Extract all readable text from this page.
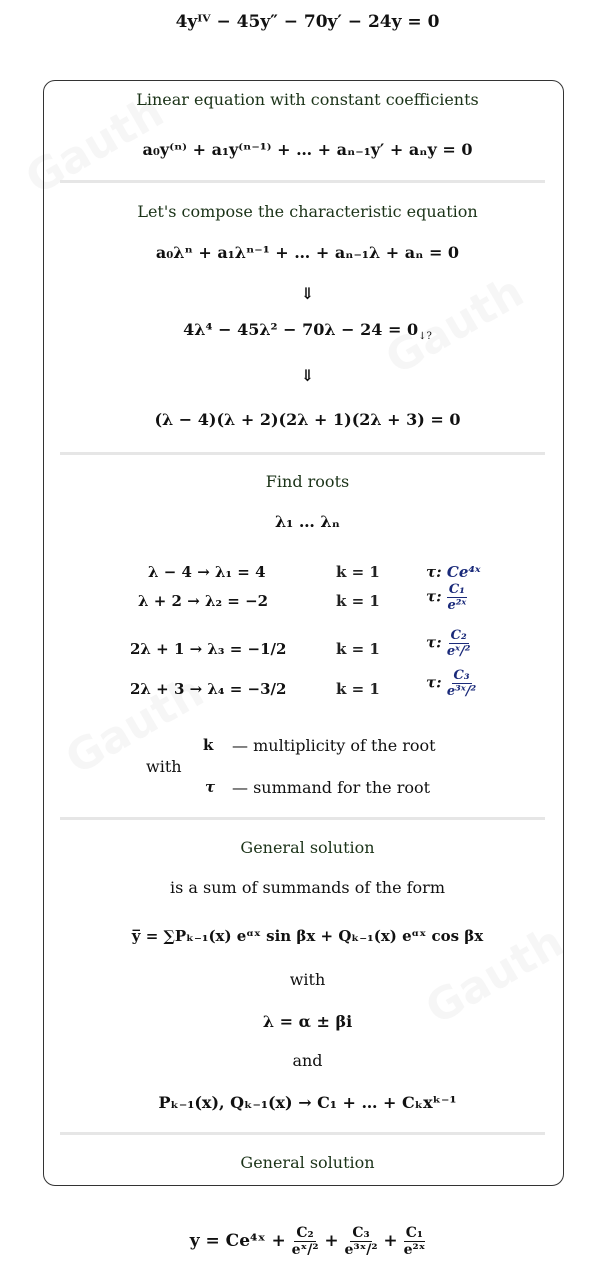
4yᴵⱽ − 45y″ − 70y′ − 24y = 0
Linear equation with constant coefficients
a₀y⁽ⁿ⁾ + a₁y⁽ⁿ⁻¹⁾ + … + aₙ₋₁y′ + aₙy = 0
Let's compose the characteristic equation
a₀λⁿ + a₁λⁿ⁻¹ + … + aₙ₋₁λ + aₙ = 0
⇓
$4\lambda^4 - 45\lambda^2 - 70\lambda - 24 = 0_{↓?}$
⇓
(λ − 4)(λ + 2)(2λ + 1)(2λ + 3) = 0
Find roots
λ₁ … λₙ
λ − 4 → λ₁ = 4	k = 1	τ: Ce⁴ˣ
λ + 2 → λ₂ = −2	k = 1	τ: $\frac{\text{C₁}}{\text{e²ˣ}}$
2λ + 1 → λ₃ = −1/2	k = 1	τ: $\frac{\text{C₂}}{\text{eˣ/²}}$
2λ + 3 → λ₄ = −3/2	k = 1	τ: $\frac{\text{C₃}}{\text{e³ˣ/²}}$
with
k — multiplicity of the root
τ — summand for the root
General solution
is a sum of summands of the form
y̅ = ∑Pₖ₋₁(x) eᵅˣ sin βx + Qₖ₋₁(x) eᵅˣ cos βx
with
λ = α ± βi
and
Pₖ₋₁(x), Qₖ₋₁(x) → C₁ + … + Cₖxᵏ⁻¹
General solution
y = Ce⁴ˣ + $\frac{\text{C₂}}{\text{eˣ/²}} + \frac{\text{C₃}}{\text{e³ˣ/²}} + \frac{\text{C₁}}{\text{e²ˣ}}$
